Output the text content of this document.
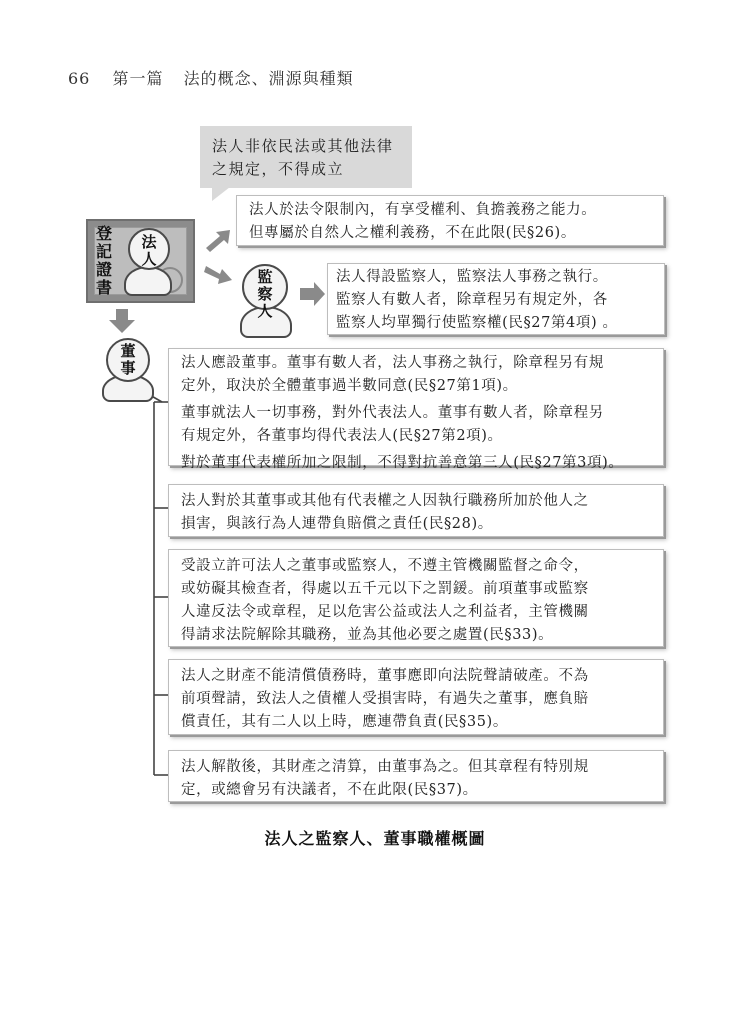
66 第一篇 法的概念、淵源與種類
法人非依民法或其他法律
之規定，不得成立
登記證書
法人
監察人
董事

法人於法令限制內，有享受權利、負擔義務之能力。

但專屬於自然人之權利義務，不在此限(民§26)。

法人得設監察人，監察法人事務之執行。

監察人有數人者，除章程另有規定外，各

監察人均單獨行使監察權(民§27第4項) 。

法人應設董事。董事有數人者，法人事務之執行，除章程另有規

定外，取決於全體董事過半數同意(民§27第1項)。

董事就法人一切事務，對外代表法人。董事有數人者，除章程另

有規定外，各董事均得代表法人(民§27第2項)。

對於董事代表權所加之限制，不得對抗善意第三人(民§27第3項)。

法人對於其董事或其他有代表權之人因執行職務所加於他人之

損害，與該行為人連帶負賠償之責任(民§28)。

受設立許可法人之董事或監察人，不遵主管機關監督之命令，

或妨礙其檢查者，得處以五千元以下之罰鍰。前項董事或監察

人違反法令或章程，足以危害公益或法人之利益者，主管機關

得請求法院解除其職務，並為其他必要之處置(民§33)。

法人之財產不能清償債務時，董事應即向法院聲請破產。不為

前項聲請，致法人之債權人受損害時，有過失之董事，應負賠

償責任，其有二人以上時，應連帶負責(民§35)。

法人解散後，其財產之清算，由董事為之。但其章程有特別規

定，或總會另有決議者，不在此限(民§37)。

法人之監察人、董事職權概圖
